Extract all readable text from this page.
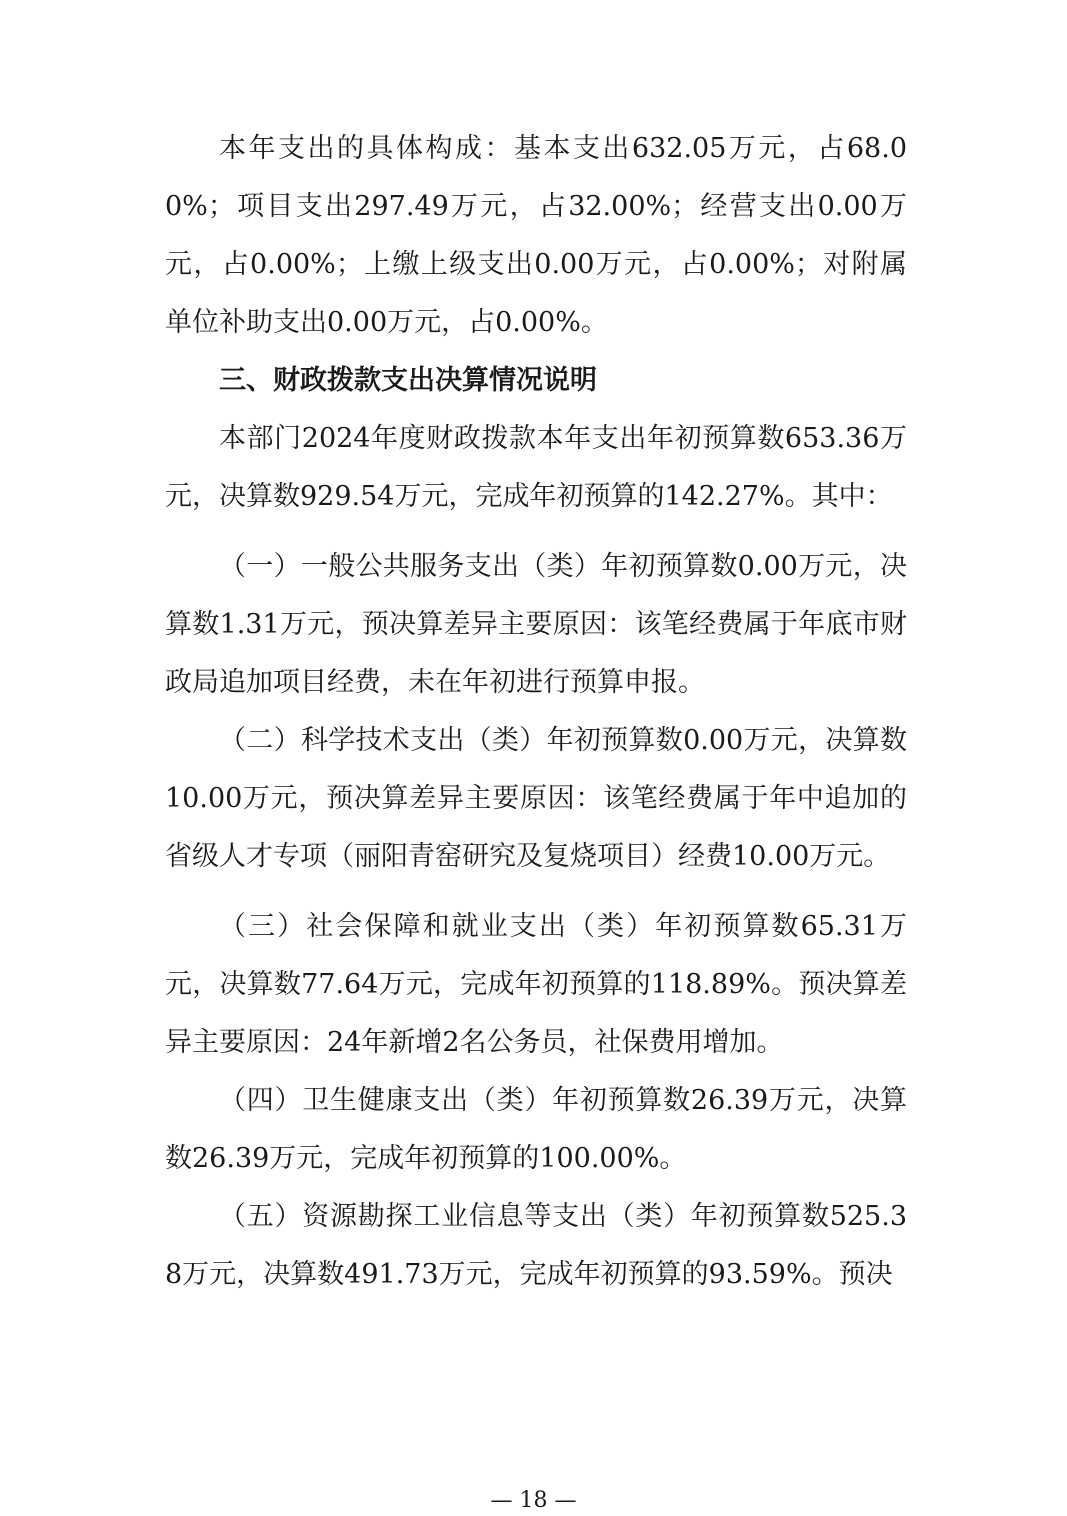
本年支出的具体构成：基本支出632.05万元，占68.00%；项目支出297.49万元，占32.00%；经营支出0.00万元，占0.00%；上缴上级支出0.00万元，占0.00%；对附属单位补助支出0.00万元，占0.00%。

三、财政拨款支出决算情况说明

本部门2024年度财政拨款本年支出年初预算数653.36万元，决算数929.54万元，完成年初预算的142.27%。其中：

（一）一般公共服务支出（类）年初预算数0.00万元，决算数1.31万元，预决算差异主要原因：该笔经费属于年底市财政局追加项目经费，未在年初进行预算申报。

（二）科学技术支出（类）年初预算数0.00万元，决算数10.00万元，预决算差异主要原因：该笔经费属于年中追加的省级人才专项（丽阳青窑研究及复烧项目）经费10.00万元。

（三）社会保障和就业支出（类）年初预算数65.31万元，决算数77.64万元，完成年初预算的118.89%。预决算差异主要原因：24年新增2名公务员，社保费用增加。

（四）卫生健康支出（类）年初预算数26.39万元，决算数26.39万元，完成年初预算的100.00%。

（五）资源勘探工业信息等支出（类）年初预算数525.38万元，决算数491.73万元，完成年初预算的93.59%。预决

— 18 —
